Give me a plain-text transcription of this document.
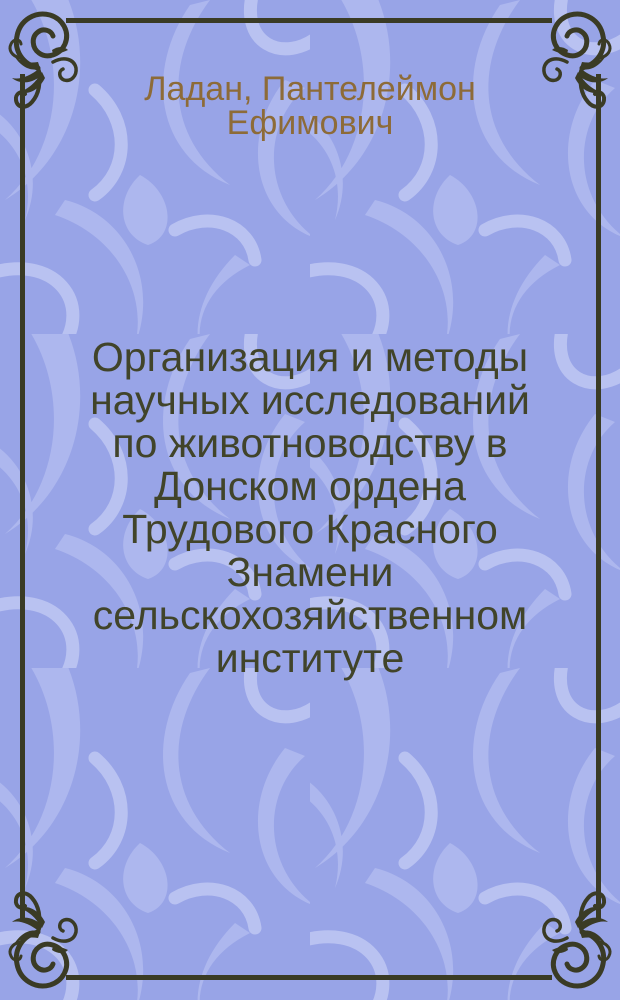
Ладан, Пантелеймон
Ефимович
Организация и методы
научных исследований
по животноводству в
Донском ордена
Трудового Красного
Знамени
сельскохозяйственном
институте
